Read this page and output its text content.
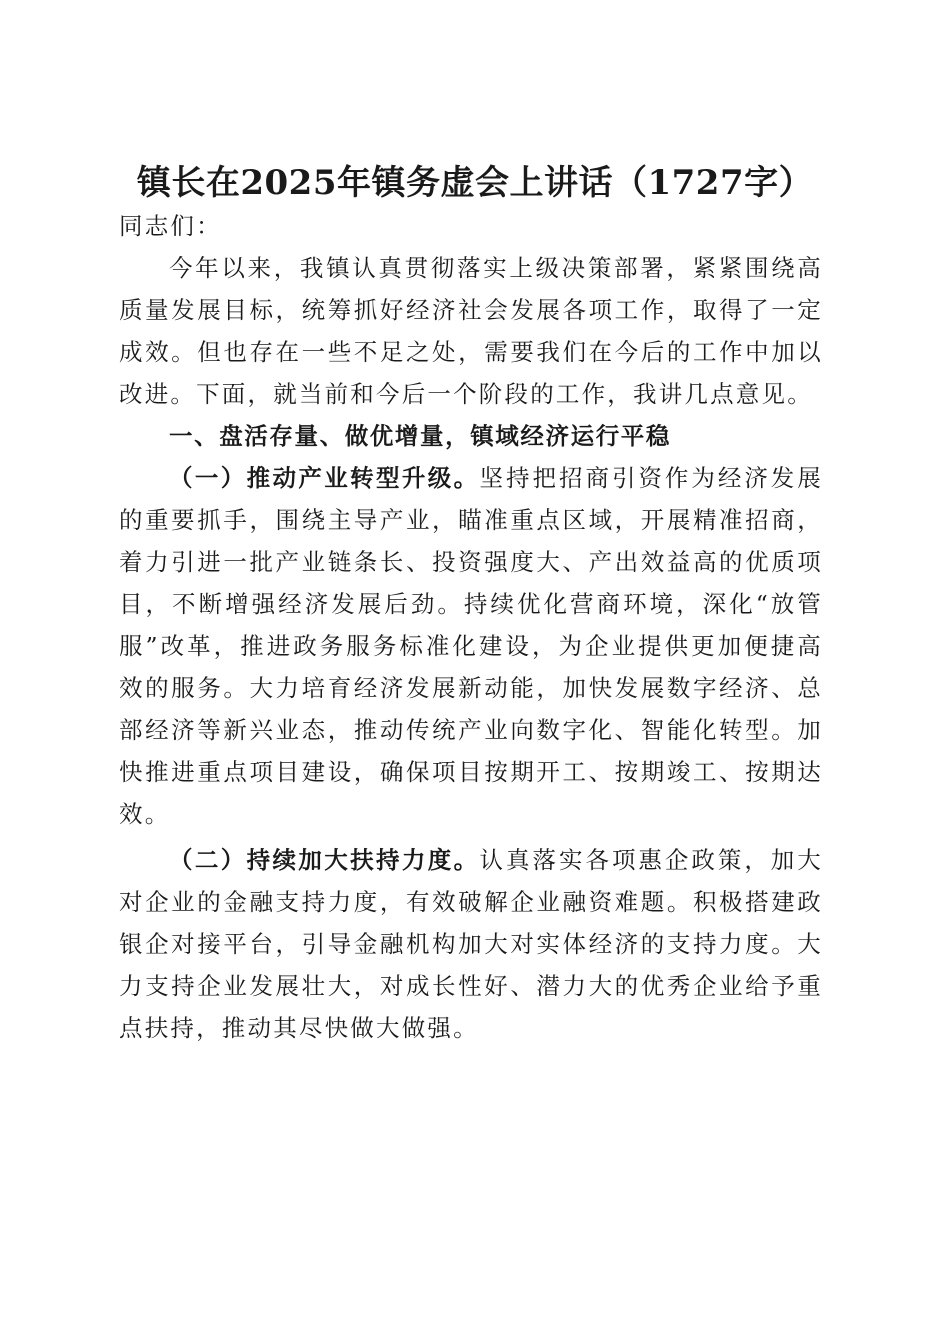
镇长在2025年镇务虚会上讲话（1727字）

同志们：

今年以来，我镇认真贯彻落实上级决策部署，紧紧围绕高质量发展目标，统筹抓好经济社会发展各项工作，取得了一定成效。但也存在一些不足之处，需要我们在今后的工作中加以改进。下面，就当前和今后一个阶段的工作，我讲几点意见。

一、盘活存量、做优增量，镇域经济运行平稳

（一）推动产业转型升级。坚持把招商引资作为经济发展的重要抓手，围绕主导产业，瞄准重点区域，开展精准招商，着力引进一批产业链条长、投资强度大、产出效益高的优质项目，不断增强经济发展后劲。持续优化营商环境，深化“放管服”改革，推进政务服务标准化建设，为企业提供更加便捷高效的服务。大力培育经济发展新动能，加快发展数字经济、总部经济等新兴业态，推动传统产业向数字化、智能化转型。加快推进重点项目建设，确保项目按期开工、按期竣工、按期达效。

（二）持续加大扶持力度。认真落实各项惠企政策，加大对企业的金融支持力度，有效破解企业融资难题。积极搭建政银企对接平台，引导金融机构加大对实体经济的支持力度。大力支持企业发展壮大，对成长性好、潜力大的优秀企业给予重点扶持，推动其尽快做大做强。
